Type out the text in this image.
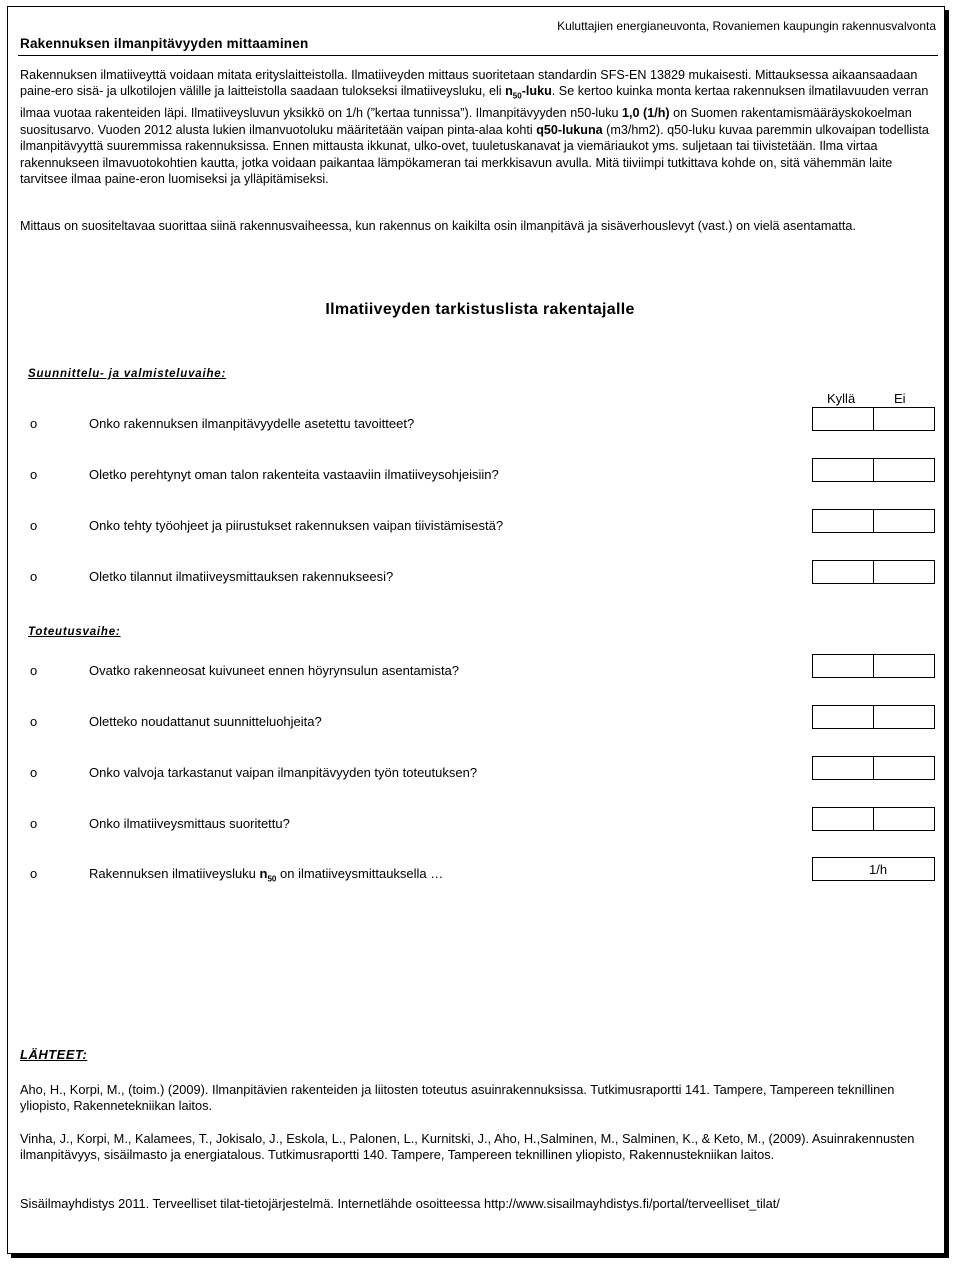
Rakennuksen ilmanpitävyyden mittaaminen
Kuluttajien energianeuvonta, Rovaniemen kaupungin rakennusvalvonta

Rakennuksen ilmatiiveyttä voidaan mitata erityslaitteistolla. Ilmatiiveyden mittaus suoritetaan standardin SFS-EN 13829 mukaisesti. Mittauksessa aikaansaadaan paine-ero sisä- ja ulkotilojen välille ja laitteistolla saadaan tulokseksi ilmatiiveysluku, eli $n_{50}$-luku. Se kertoo kuinka monta kertaa rakennuksen ilmatilavuuden verran ilmaa vuotaa rakenteiden läpi. Ilmatiiveysluvun yksikkö on 1/h (”kertaa tunnissa”). Ilmanpitävyyden n50-luku 1,0 (1/h) on Suomen rakentamismääräyskokoelman suositusarvo. Vuoden 2012 alusta lukien ilmanvuotoluku määritetään vaipan pinta-alaa kohti q50-lukuna (m3/hm2). q50-luku kuvaa paremmin ulkovaipan todellista ilmanpitävyyttä suuremmissa rakennuksissa. Ennen mittausta ikkunat, ulko-ovet, tuuletuskanavat ja viemäriaukot yms. suljetaan tai tiivistetään. Ilma virtaa rakennukseen ilmavuotokohtien kautta, jotka voidaan paikantaa lämpökameran tai merkkisavun avulla. Mitä tiiviimpi tutkittava kohde on, sitä vähemmän laite tarvitsee ilmaa paine-eron luomiseksi ja ylläpitämiseksi.

Mittaus on suositeltavaa suorittaa siinä rakennusvaiheessa, kun rakennus on kaikilta osin ilmanpitävä ja sisäverhouslevyt (vast.) on vielä asentamatta.

Ilmatiiveyden tarkistuslista rakentajalle
Suunnittelu- ja valmisteluvaihe:
Kyllä	Ei
o	Onko rakennuksen ilmanpitävyydelle asetettu tavoitteet?
o	Oletko perehtynyt oman talon rakenteita vastaaviin ilmatiiveysohjeisiin?
o	Onko tehty työohjeet ja piirustukset rakennuksen vaipan tiivistämisestä?
o	Oletko tilannut ilmatiiveysmittauksen rakennukseesi?
Toteutusvaihe:
o	Ovatko rakenneosat kuivuneet ennen höyrynsulun asentamista?
o	Oletteko noudattanut suunnitteluohjeita?
o	Onko valvoja tarkastanut vaipan ilmanpitävyyden työn toteutuksen?
o	Onko ilmatiiveysmittaus suoritettu?
o	Rakennuksen ilmatiiveysluku $n_{50}$ on ilmatiiveysmittauksella …	1/h
LÄHTEET:

Aho, H., Korpi, M., (toim.) (2009). Ilmanpitävien rakenteiden ja liitosten toteutus asuinrakennuksissa. Tutkimusraportti 141. Tampere, Tampereen teknillinen yliopisto, Rakennetekniikan laitos.

Vinha, J., Korpi, M., Kalamees, T., Jokisalo, J., Eskola, L., Palonen, L., Kurnitski, J., Aho, H.,Salminen, M., Salminen, K., & Keto, M., (2009). Asuinrakennusten ilmanpitävyys, sisäilmasto ja energiatalous. Tutkimusraportti 140. Tampere, Tampereen teknillinen yliopisto, Rakennustekniikan laitos.

Sisäilmayhdistys 2011. Terveelliset tilat-tietojärjestelmä. Internetlähde osoitteessa http://www.sisailmayhdistys.fi/portal/terveelliset_tilat/
